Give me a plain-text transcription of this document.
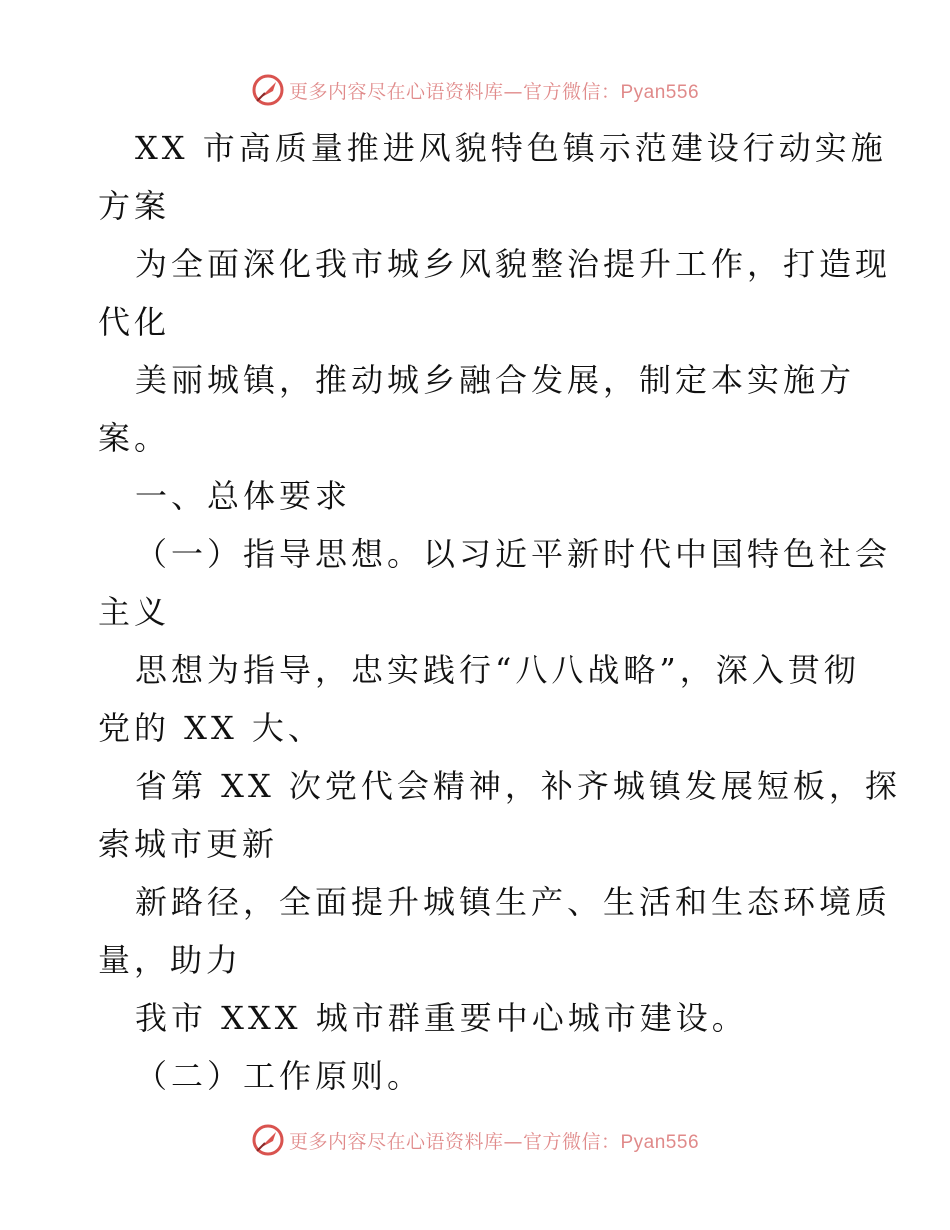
更多内容尽在心语资料库—官方微信：Pyan556
XX 市高质量推进风貌特色镇示范建设行动实施
方案
为全面深化我市城乡风貌整治提升工作，打造现
代化
美丽城镇，推动城乡融合发展，制定本实施方
案。
一、总体要求
（一）指导思想。以习近平新时代中国特色社会
主义
思想为指导，忠实践行“八八战略”，深入贯彻
党的 XX 大、
省第 XX 次党代会精神，补齐城镇发展短板，探
索城市更新
新路径，全面提升城镇生产、生活和生态环境质
量，助力
我市 XXX 城市群重要中心城市建设。
（二）工作原则。
更多内容尽在心语资料库—官方微信：Pyan556
